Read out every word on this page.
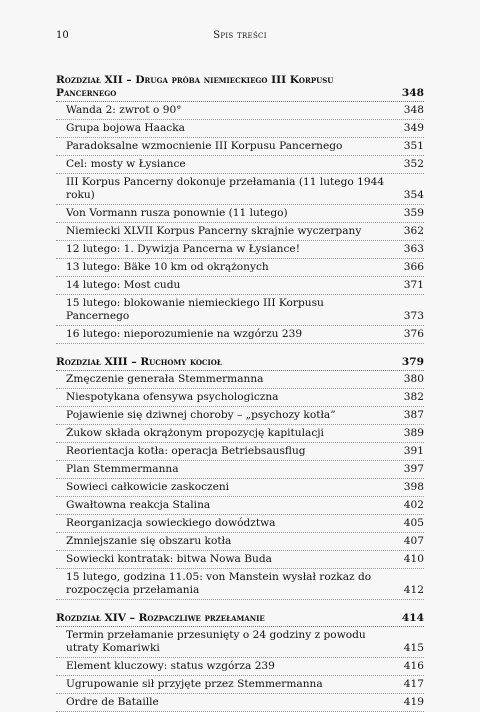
10	Spis treści
Rozdział XII – Druga próba niemieckiego III Korpusu Pancernego	348
Wanda 2: zwrot o 90°	348
Grupa bojowa Haacka	349
Paradoksalne wzmocnienie III Korpusu Pancernego	351
Cel: mosty w Łysiance	352
III Korpus Pancerny dokonuje przełamania (11 lutego 1944 roku)	354
Von Vormann rusza ponownie (11 lutego)	359
Niemiecki XLVII Korpus Pancerny skrajnie wyczerpany	362
12 lutego: 1. Dywizja Pancerna w Łysiance!	363
13 lutego: Bäke 10 km od okrążonych	366
14 lutego: Most cudu	371
15 lutego: blokowanie niemieckiego III Korpusu Pancernego	373
16 lutego: nieporozumienie na wzgórzu 239	376
Rozdział XIII – Ruchomy kocioł	379
Zmęczenie generała Stemmermanna	380
Niespotykana ofensywa psychologiczna	382
Pojawienie się dziwnej choroby – „psychozy kotła”	387
Żukow składa okrążonym propozycję kapitulacji	389
Reorientacja kotła: operacja Betriebsausflug	391
Plan Stemmermanna	397
Sowieci całkowicie zaskoczeni	398
Gwałtowna reakcja Stalina	402
Reorganizacja sowieckiego dowództwa	405
Zmniejszanie się obszaru kotła	407
Sowiecki kontratak: bitwa Nowa Buda	410
15 lutego, godzina 11.05: von Manstein wysłał rozkaz do rozpoczęcia przełamania	412
Rozdział XIV – Rozpaczliwe przełamanie	414
Termin przełamanie przesunięty o 24 godziny z powodu utraty Komariwki	415
Element kluczowy: status wzgórza 239	416
Ugrupowanie sił przyjęte przez Stemmermanna	417
Ordre de Bataille	419
